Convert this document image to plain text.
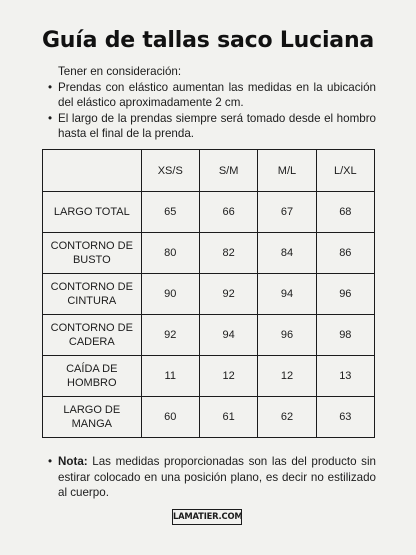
Guía de tallas saco Luciana

Tener en consideración:

• Prendas con elástico aumentan las medidas en la ubicación del elástico aproximadamente 2 cm.
• El largo de la prendas siempre será tomado desde el hombro hasta el final de la prenda.
	XS/S	S/M	M/L	L/XL
LARGO TOTAL	65	66	67	68
CONTORNO DE BUSTO	80	82	84	86
CONTORNO DE CINTURA	90	92	94	96
CONTORNO DE CADERA	92	94	96	98
CAÍDA DE HOMBRO	11	12	12	13
LARGO DE MANGA	60	61	62	63
• Nota: Las medidas proporcionadas son las del producto sin estirar colocado en una posición plano, es decir no estilizado al cuerpo.
LAMATIER.COM
